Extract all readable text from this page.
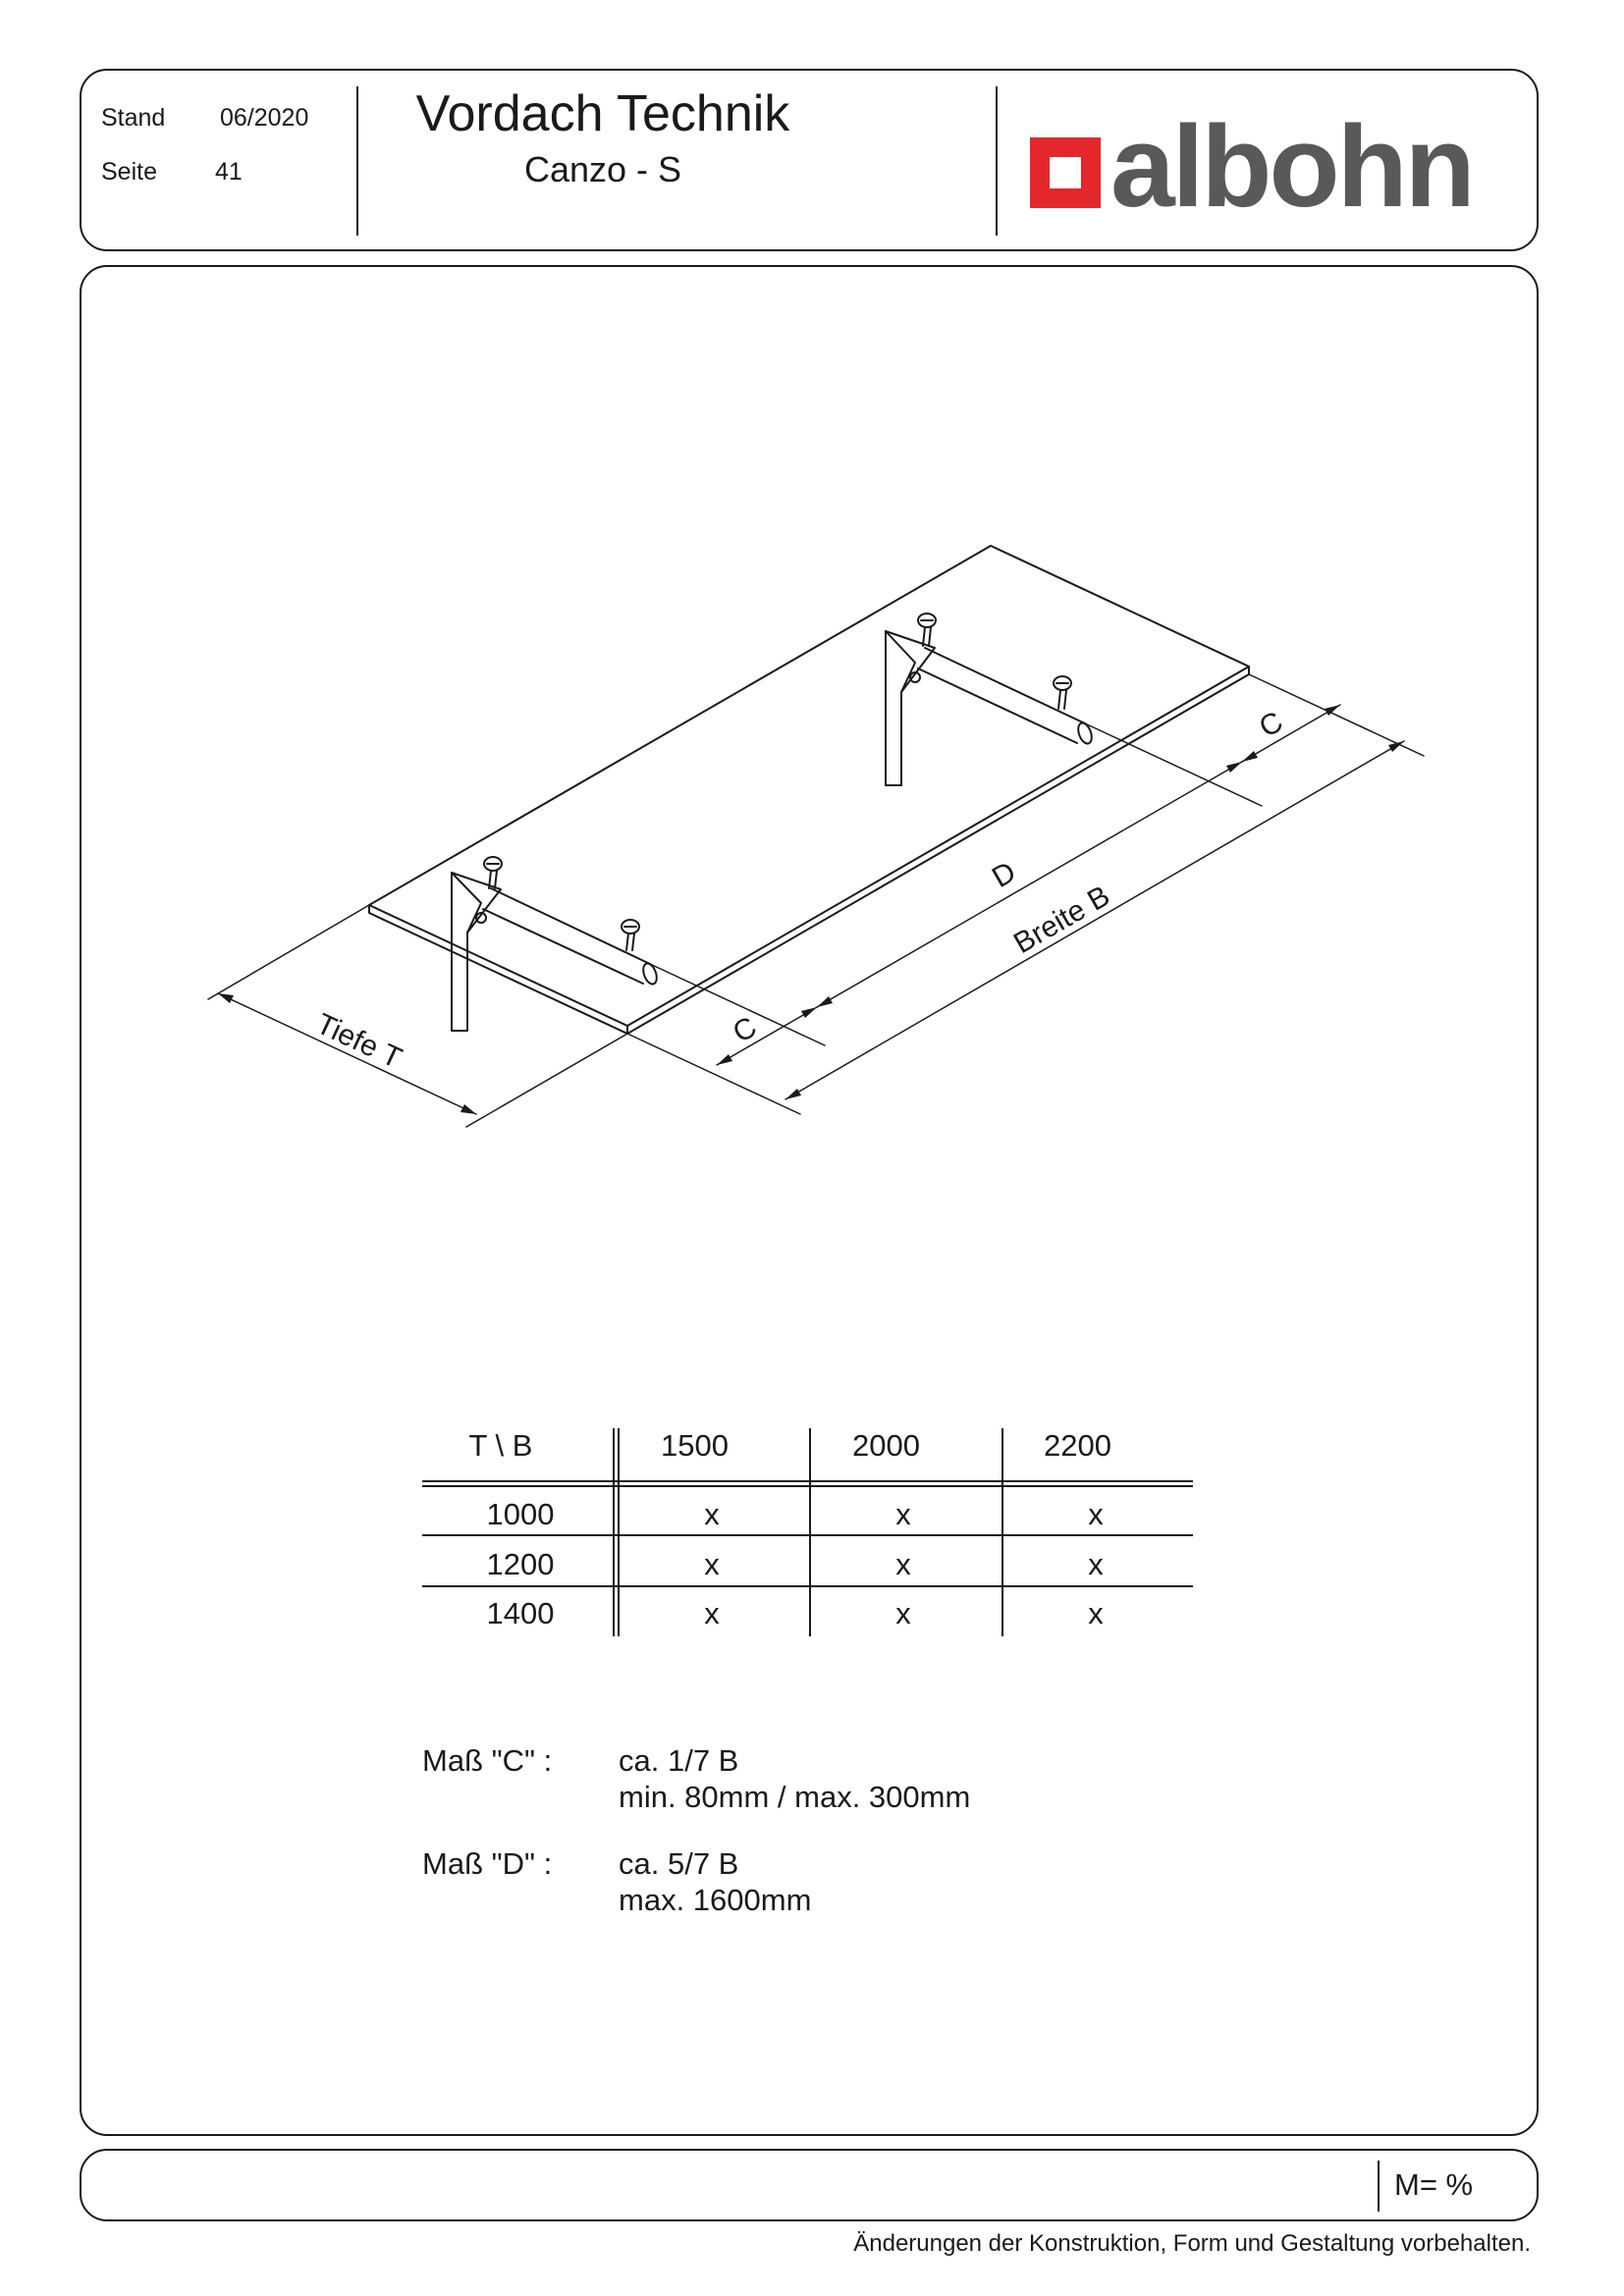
Stand 06/2020
Seite 41
Vordach Technik
Canzo - S	albohn
Tiefe T
Breite B
D
C
C
T \ B	1500	2000	2200
1000	x	x	x
1200	x	x	x
1400	x	x	x
Maß "C" : ca. 1/7 B
min. 80mm / max. 300mm
Maß "D" : ca. 5/7 B
max. 1600mm
M= %
Änderungen der Konstruktion, Form und Gestaltung vorbehalten.
